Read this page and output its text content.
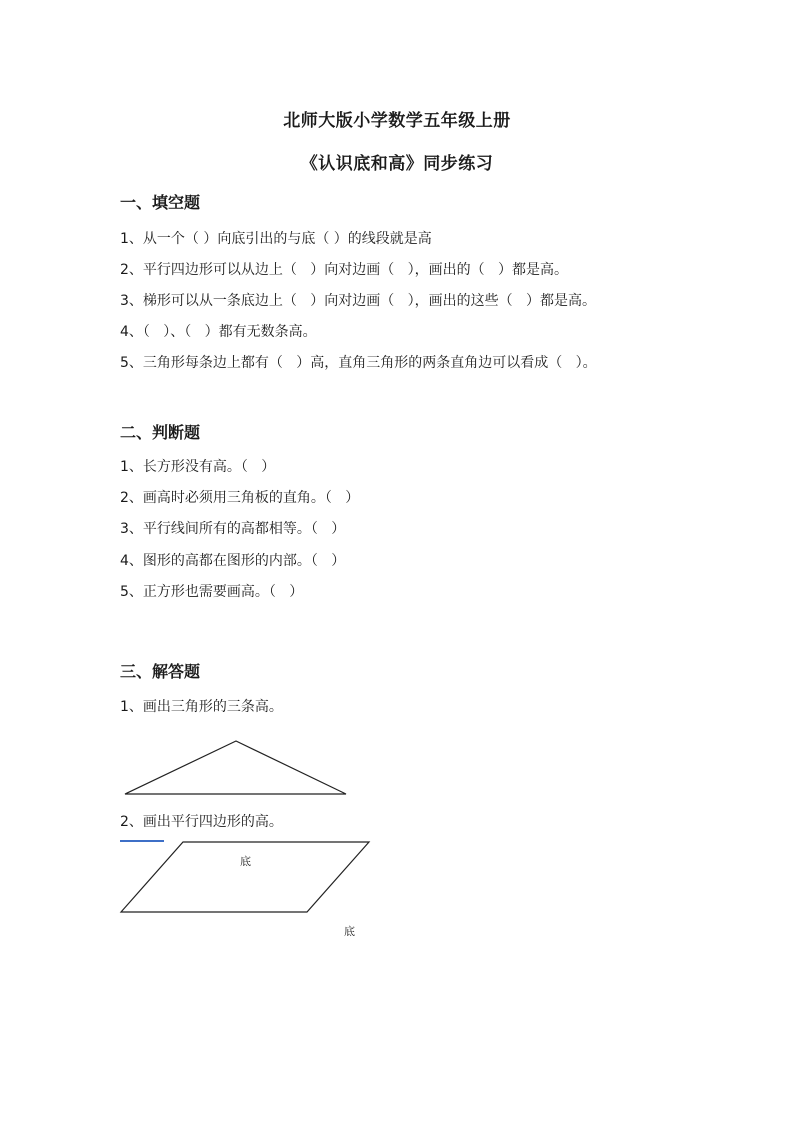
北师大版小学数学五年级上册
《认识底和高》同步练习
一、填空题
1、从一个（ ）向底引出的与底（ ）的线段就是高
2、平行四边形可以从边上（   ）向对边画（   ），画出的（   ）都是高。
3、梯形可以从一条底边上（   ）向对边画（   ），画出的这些（   ）都是高。
4、（   ）、（   ）都有无数条高。
5、三角形每条边上都有（   ）高，直角三角形的两条直角边可以看成（   ）。
二、判断题
1、长方形没有高。（   ）
2、画高时必须用三角板的直角。（   ）
3、平行线间所有的高都相等。（   ）
4、图形的高都在图形的内部。（   ）
5、正方形也需要画高。（   ）
三、解答题
1、画出三角形的三条高。
2、画出平行四边形的高。
底
底
